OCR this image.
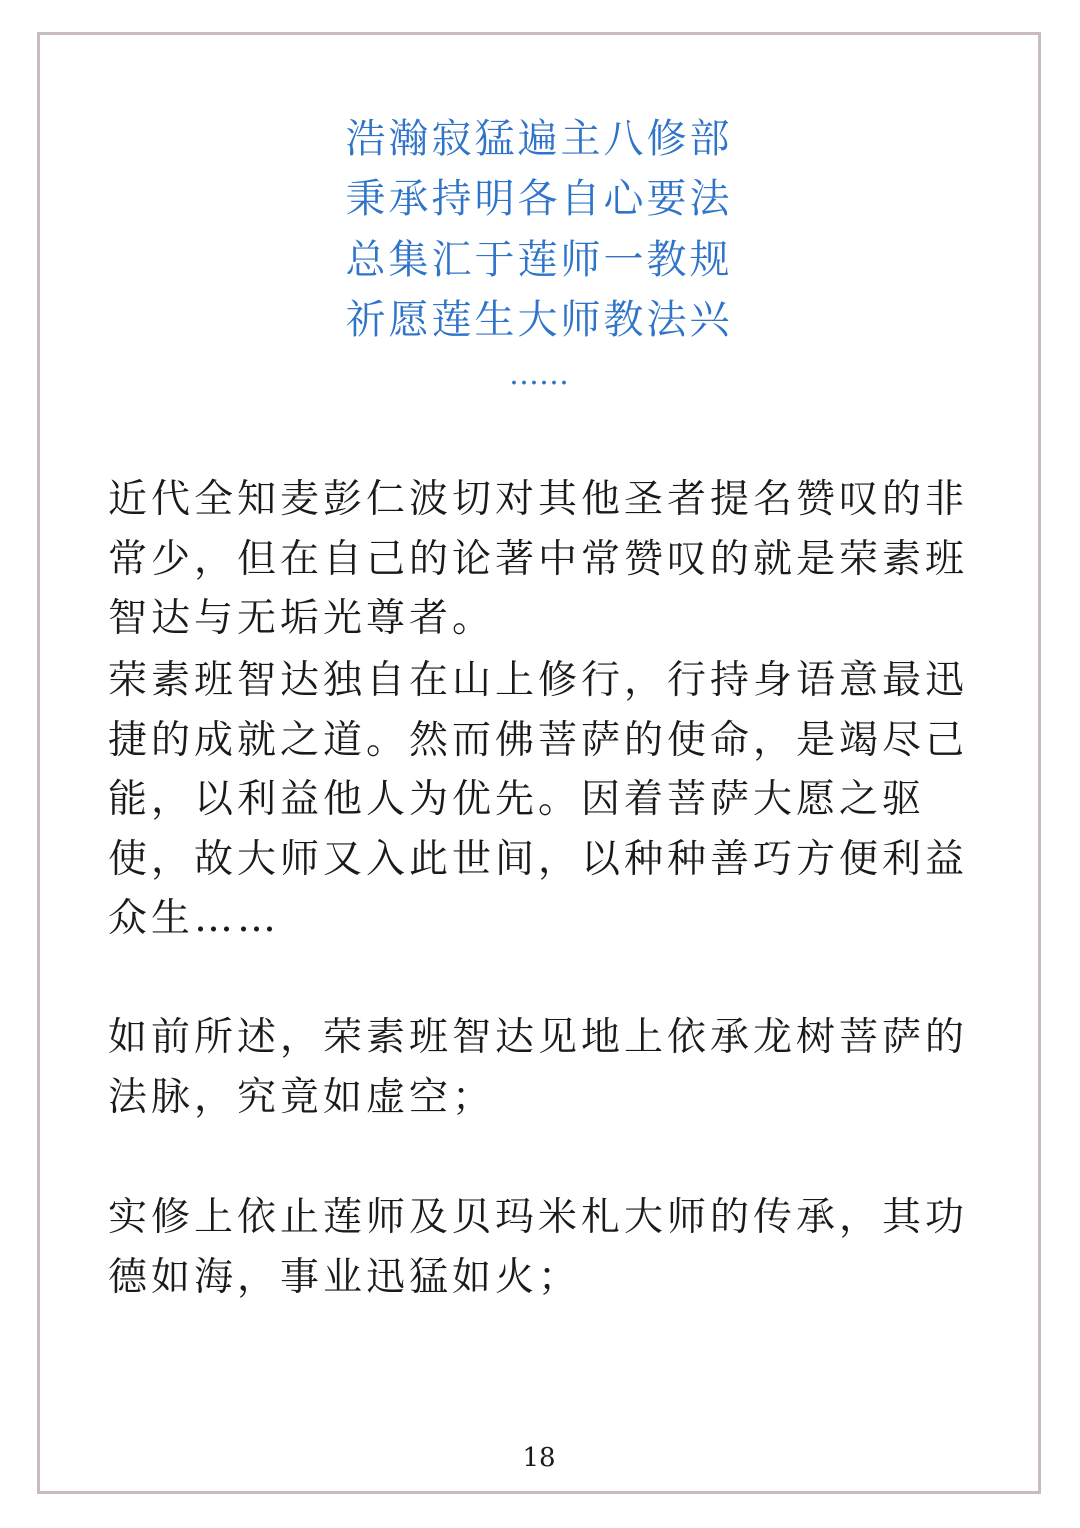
浩瀚寂猛遍主八修部
秉承持明各自心要法
总集汇于莲师一教规
祈愿莲生大师教法兴
……
近代全知麦彭仁波切对其他圣者提名赞叹的非
常少，但在自己的论著中常赞叹的就是荣素班
智达与无垢光尊者。
荣素班智达独自在山上修行，行持身语意最迅
捷的成就之道。然而佛菩萨的使命，是竭尽己
能，以利益他人为优先。因着菩萨大愿之驱
使，故大师又入此世间，以种种善巧方便利益
众生……
如前所述，荣素班智达见地上依承龙树菩萨的
法脉，究竟如虚空；
实修上依止莲师及贝玛米札大师的传承，其功
德如海，事业迅猛如火；
18
